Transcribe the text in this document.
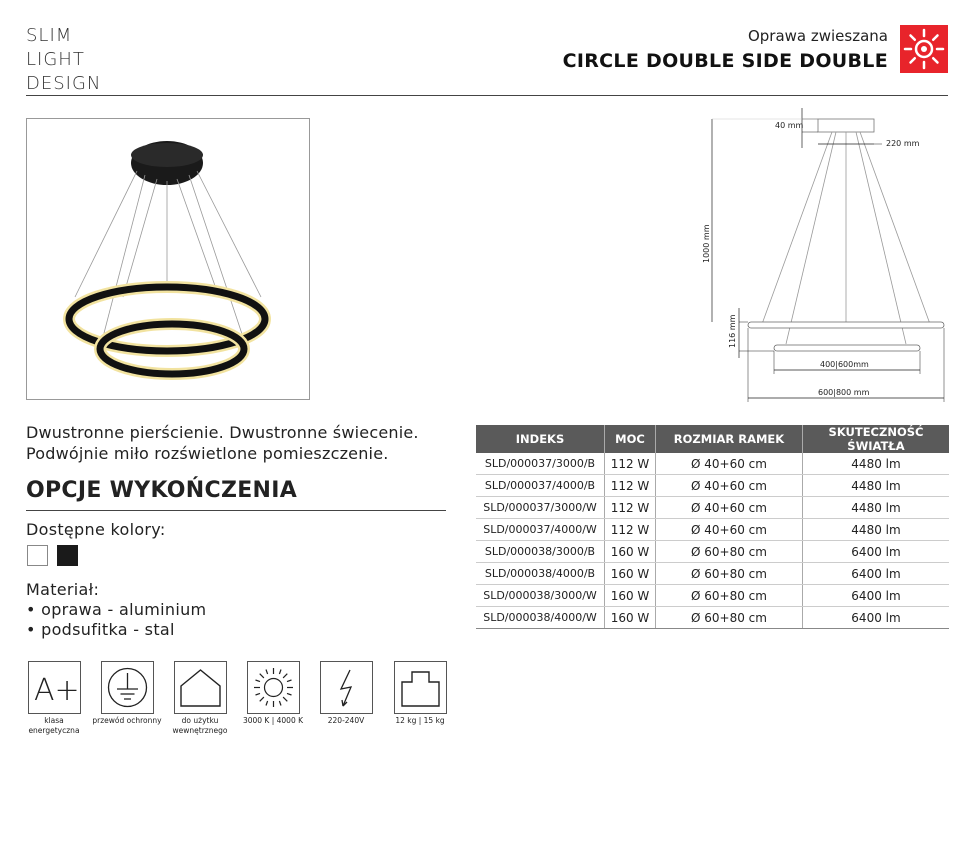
SLIM LIGHT
DESIGN
Oprawa zwieszana
CIRCLE DOUBLE SIDE DOUBLE
40 mm
220 mm
1000 mm
116 mm
400|600mm
600|800 mm
Dwustronne pierścienie. Dwustronne świecenie. Podwójnie miło rozświetlone pomieszczenie.
OPCJE WYKOŃCZENIA
Dostępne kolory:
Materiał:
• oprawa - aluminium
• podsufitka - stal
INDEKS	MOC	ROZMIAR RAMEK	SKUTECZNOŚĆ ŚWIATŁA
SLD/000037/3000/B	112 W	Ø 40+60 cm	4480 lm
SLD/000037/4000/B	112 W	Ø 40+60 cm	4480 lm
SLD/000037/3000/W	112 W	Ø 40+60 cm	4480 lm
SLD/000037/4000/W	112 W	Ø 40+60 cm	4480 lm
SLD/000038/3000/B	160 W	Ø 60+80 cm	6400 lm
SLD/000038/4000/B	160 W	Ø 60+80 cm	6400 lm
SLD/000038/3000/W	160 W	Ø 60+80 cm	6400 lm
SLD/000038/4000/W	160 W	Ø 60+80 cm	6400 lm
A+
klasa energetyczna
przewód ochronny	do użytku wewnętrznego
3000 K | 4000 K	220-240V	12 kg | 15 kg
